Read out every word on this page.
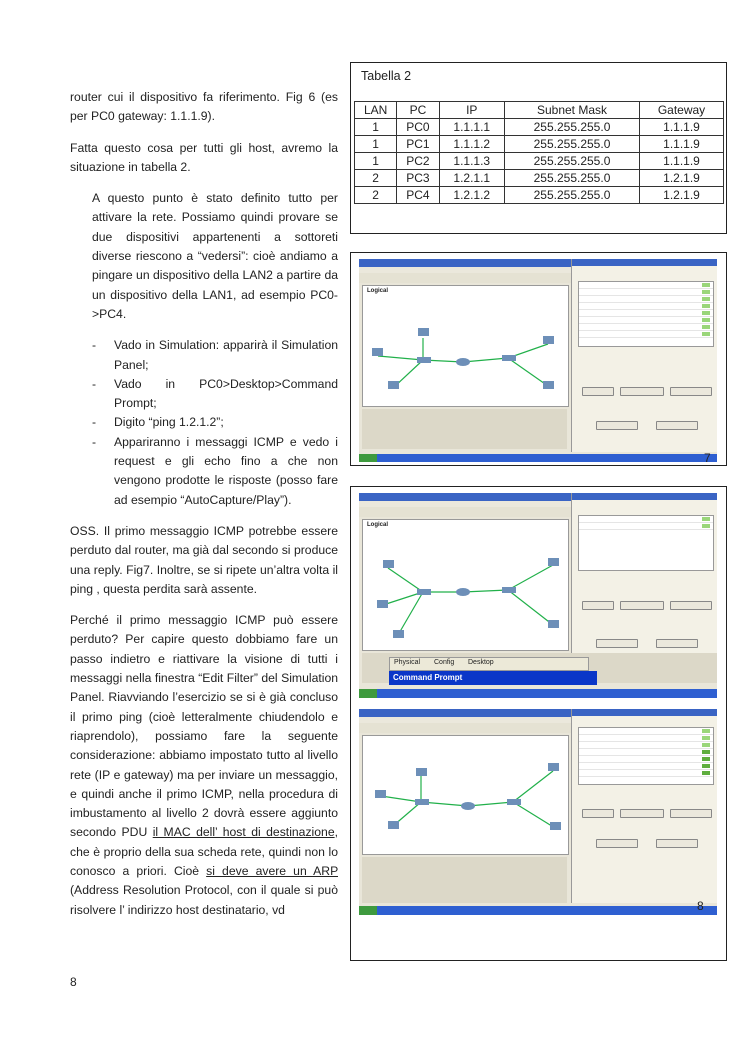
router cui il dispositivo fa riferimento. Fig 6 (es per PC0 gateway: 1.1.1.9).

Fatta questo cosa per tutti gli host, avremo la situazione in tabella 2.

A questo punto è stato definito tutto per attivare la rete. Possiamo quindi provare se due dispositivi appartenenti a sottoreti diverse riescono a “vedersi”: cioè andiamo a pingare un dispositivo della LAN2 a partire da un dispositivo della LAN1, ad esempio PC0->PC4.

- Vado in Simulation: apparirà il Simulation Panel;
- Vado in PC0>Desktop>Command Prompt;
- Digito “ping 1.2.1.2”;
- Appariranno i messaggi ICMP e vedo i request e gli echo fino a che non vengono prodotte le risposte (posso fare ad esempio “AutoCapture/Play”).

OSS. Il primo messaggio ICMP potrebbe essere perduto dal router, ma già dal secondo si produce una reply. Fig7. Inoltre, se si ripete un’altra volta il ping , questa perdita sarà assente.

Perché il primo messaggio ICMP può essere perduto? Per capire questo dobbiamo fare un passo indietro e riattivare la visione di tutti i messaggi nella finestra “Edit Filter” del Simulation Panel. Riavviando l’esercizio se si è già concluso il primo ping (cioè letteralmente chiudendolo e riaprendolo), possiamo fare la seguente considerazione: abbiamo impostato tutto al livello rete (IP e gateway) ma per inviare un messaggio, e quindi anche il primo ICMP, nella procedura di imbustamento al livello 2 dovrà essere aggiunto secondo PDU il MAC dell’ host di destinazione, che è proprio della sua scheda rete, quindi non lo conosco a priori. Cioè si deve avere un ARP (Address Resolution Protocol, con il quale si può risolvere l’ indirizzo host destinatario, vd

8
Tabella 2
LAN	PC	IP	Subnet Mask	Gateway
1	PC0	1.1.1.1	255.255.255.0	1.1.1.9
1	PC1	1.1.1.2	255.255.255.0	1.1.1.9
1	PC2	1.1.1.3	255.255.255.0	1.1.1.9
2	PC3	1.2.1.1	255.255.255.0	1.2.1.9
2	PC4	1.2.1.2	255.255.255.0	1.2.1.9
Logical
7
Logical
Physical Config Desktop
Command Prompt
8
